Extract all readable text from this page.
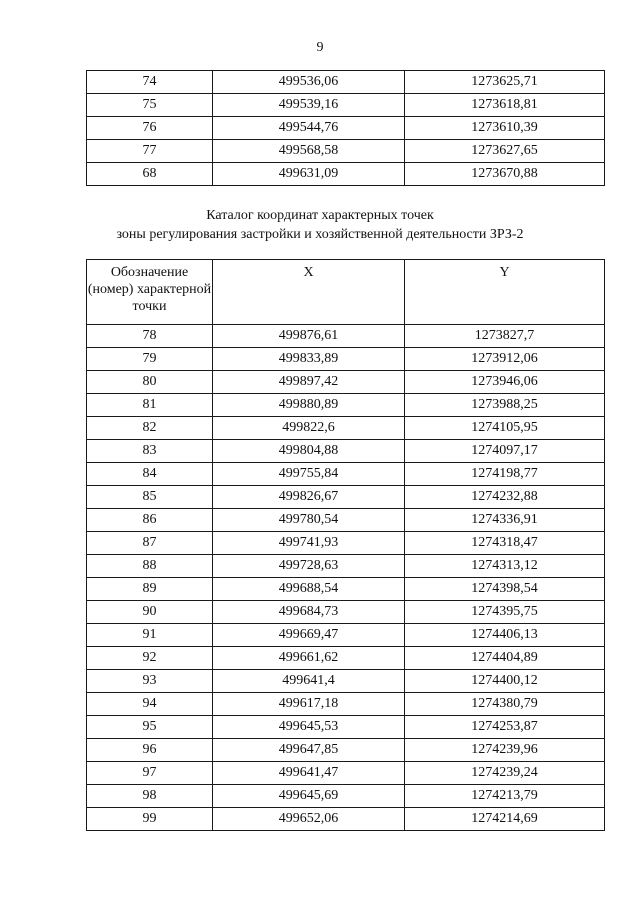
9
74	499536,06	1273625,71
75	499539,16	1273618,81
76	499544,76	1273610,39
77	499568,58	1273627,65
68	499631,09	1273670,88
Каталог координат характерных точек
зоны регулирования застройки и хозяйственной деятельности ЗРЗ-2
Обозначение (номер) характерной точки	X	Y
78	499876,61	1273827,7
79	499833,89	1273912,06
80	499897,42	1273946,06
81	499880,89	1273988,25
82	499822,6	1274105,95
83	499804,88	1274097,17
84	499755,84	1274198,77
85	499826,67	1274232,88
86	499780,54	1274336,91
87	499741,93	1274318,47
88	499728,63	1274313,12
89	499688,54	1274398,54
90	499684,73	1274395,75
91	499669,47	1274406,13
92	499661,62	1274404,89
93	499641,4	1274400,12
94	499617,18	1274380,79
95	499645,53	1274253,87
96	499647,85	1274239,96
97	499641,47	1274239,24
98	499645,69	1274213,79
99	499652,06	1274214,69
